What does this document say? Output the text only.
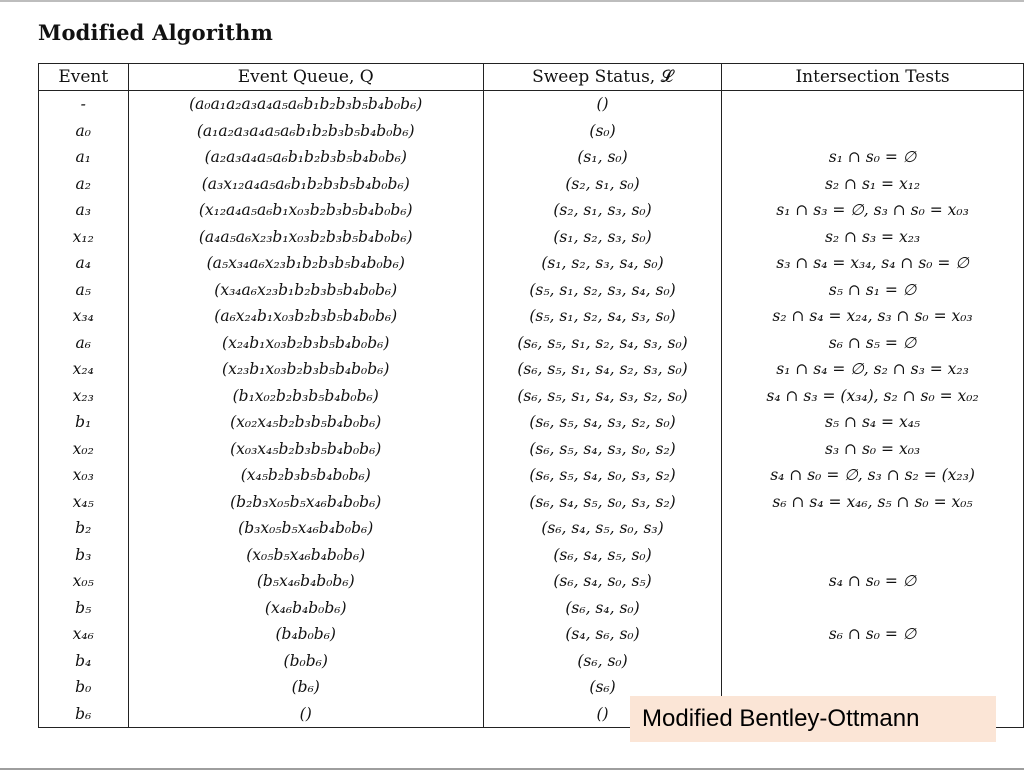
Modified Algorithm
Event	Event Queue, Q	Sweep Status, 𝓛	Intersection Tests
-	(a₀a₁a₂a₃a₄a₅a₆b₁b₂b₃b₅b₄b₀b₆)	()	
a₀	(a₁a₂a₃a₄a₅a₆b₁b₂b₃b₅b₄b₀b₆)	(s₀)	
a₁	(a₂a₃a₄a₅a₆b₁b₂b₃b₅b₄b₀b₆)	(s₁, s₀)	s₁ ∩ s₀ = ∅
a₂	(a₃x₁₂a₄a₅a₆b₁b₂b₃b₅b₄b₀b₆)	(s₂, s₁, s₀)	s₂ ∩ s₁ = x₁₂
a₃	(x₁₂a₄a₅a₆b₁x₀₃b₂b₃b₅b₄b₀b₆)	(s₂, s₁, s₃, s₀)	s₁ ∩ s₃ = ∅, s₃ ∩ s₀ = x₀₃
x₁₂	(a₄a₅a₆x₂₃b₁x₀₃b₂b₃b₅b₄b₀b₆)	(s₁, s₂, s₃, s₀)	s₂ ∩ s₃ = x₂₃
a₄	(a₅x₃₄a₆x₂₃b₁b₂b₃b₅b₄b₀b₆)	(s₁, s₂, s₃, s₄, s₀)	s₃ ∩ s₄ = x₃₄, s₄ ∩ s₀ = ∅
a₅	(x₃₄a₆x₂₃b₁b₂b₃b₅b₄b₀b₆)	(s₅, s₁, s₂, s₃, s₄, s₀)	s₅ ∩ s₁ = ∅
x₃₄	(a₆x₂₄b₁x₀₃b₂b₃b₅b₄b₀b₆)	(s₅, s₁, s₂, s₄, s₃, s₀)	s₂ ∩ s₄ = x₂₄, s₃ ∩ s₀ = x₀₃
a₆	(x₂₄b₁x₀₃b₂b₃b₅b₄b₀b₆)	(s₆, s₅, s₁, s₂, s₄, s₃, s₀)	s₆ ∩ s₅ = ∅
x₂₄	(x₂₃b₁x₀₃b₂b₃b₅b₄b₀b₆)	(s₆, s₅, s₁, s₄, s₂, s₃, s₀)	s₁ ∩ s₄ = ∅, s₂ ∩ s₃ = x₂₃
x₂₃	(b₁x₀₂b₂b₃b₅b₄b₀b₆)	(s₆, s₅, s₁, s₄, s₃, s₂, s₀)	s₄ ∩ s₃ = (x₃₄), s₂ ∩ s₀ = x₀₂
b₁	(x₀₂x₄₅b₂b₃b₅b₄b₀b₆)	(s₆, s₅, s₄, s₃, s₂, s₀)	s₅ ∩ s₄ = x₄₅
x₀₂	(x₀₃x₄₅b₂b₃b₅b₄b₀b₆)	(s₆, s₅, s₄, s₃, s₀, s₂)	s₃ ∩ s₀ = x₀₃
x₀₃	(x₄₅b₂b₃b₅b₄b₀b₆)	(s₆, s₅, s₄, s₀, s₃, s₂)	s₄ ∩ s₀ = ∅, s₃ ∩ s₂ = (x₂₃)
x₄₅	(b₂b₃x₀₅b₅x₄₆b₄b₀b₆)	(s₆, s₄, s₅, s₀, s₃, s₂)	s₆ ∩ s₄ = x₄₆, s₅ ∩ s₀ = x₀₅
b₂	(b₃x₀₅b₅x₄₆b₄b₀b₆)	(s₆, s₄, s₅, s₀, s₃)	
b₃	(x₀₅b₅x₄₆b₄b₀b₆)	(s₆, s₄, s₅, s₀)	
x₀₅	(b₅x₄₆b₄b₀b₆)	(s₆, s₄, s₀, s₅)	s₄ ∩ s₀ = ∅
b₅	(x₄₆b₄b₀b₆)	(s₆, s₄, s₀)	
x₄₆	(b₄b₀b₆)	(s₄, s₆, s₀)	s₆ ∩ s₀ = ∅
b₄	(b₀b₆)	(s₆, s₀)	
b₀	(b₆)	(s₆)	
b₆	()	()	Modified Bentley-Ottmann
